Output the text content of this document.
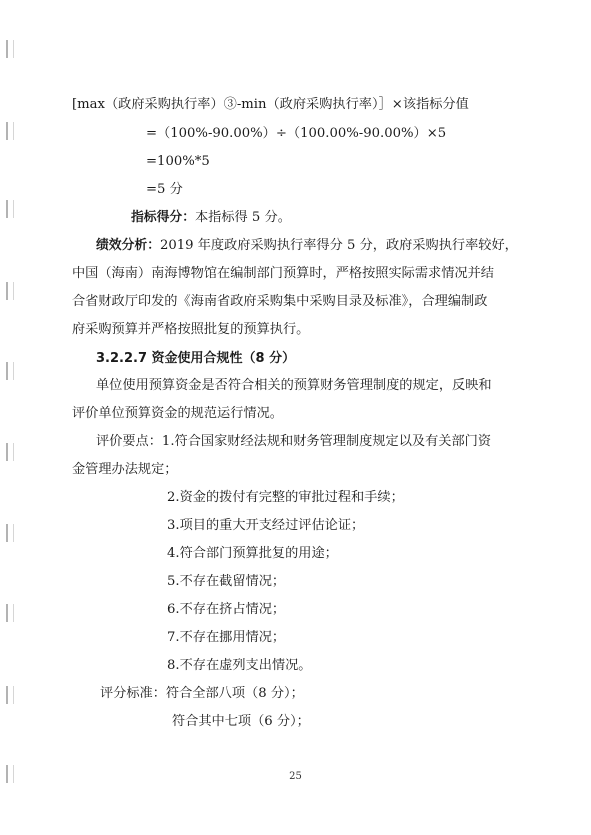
[max（政府采购执行率）③-min（政府采购执行率）］×该指标分值
=（100%-90.00%）÷（100.00%-90.00%）×5
=100%*5
=5 分
指标得分：本指标得 5 分。
绩效分析：2019 年度政府采购执行率得分 5 分，政府采购执行率较好，
中国（海南）南海博物馆在编制部门预算时，严格按照实际需求情况并结
合省财政厅印发的《海南省政府采购集中采购目录及标准》，合理编制政
府采购预算并严格按照批复的预算执行。
3.2.2.7 资金使用合规性（8 分）
单位使用预算资金是否符合相关的预算财务管理制度的规定，反映和
评价单位预算资金的规范运行情况。
评价要点：1.符合国家财经法规和财务管理制度规定以及有关部门资
金管理办法规定；
2.资金的拨付有完整的审批过程和手续；
3.项目的重大开支经过评估论证；
4.符合部门预算批复的用途；
5.不存在截留情况；
6.不存在挤占情况；
7.不存在挪用情况；
8.不存在虚列支出情况。
评分标准：符合全部八项（8 分）；
符合其中七项（6 分）；
25
